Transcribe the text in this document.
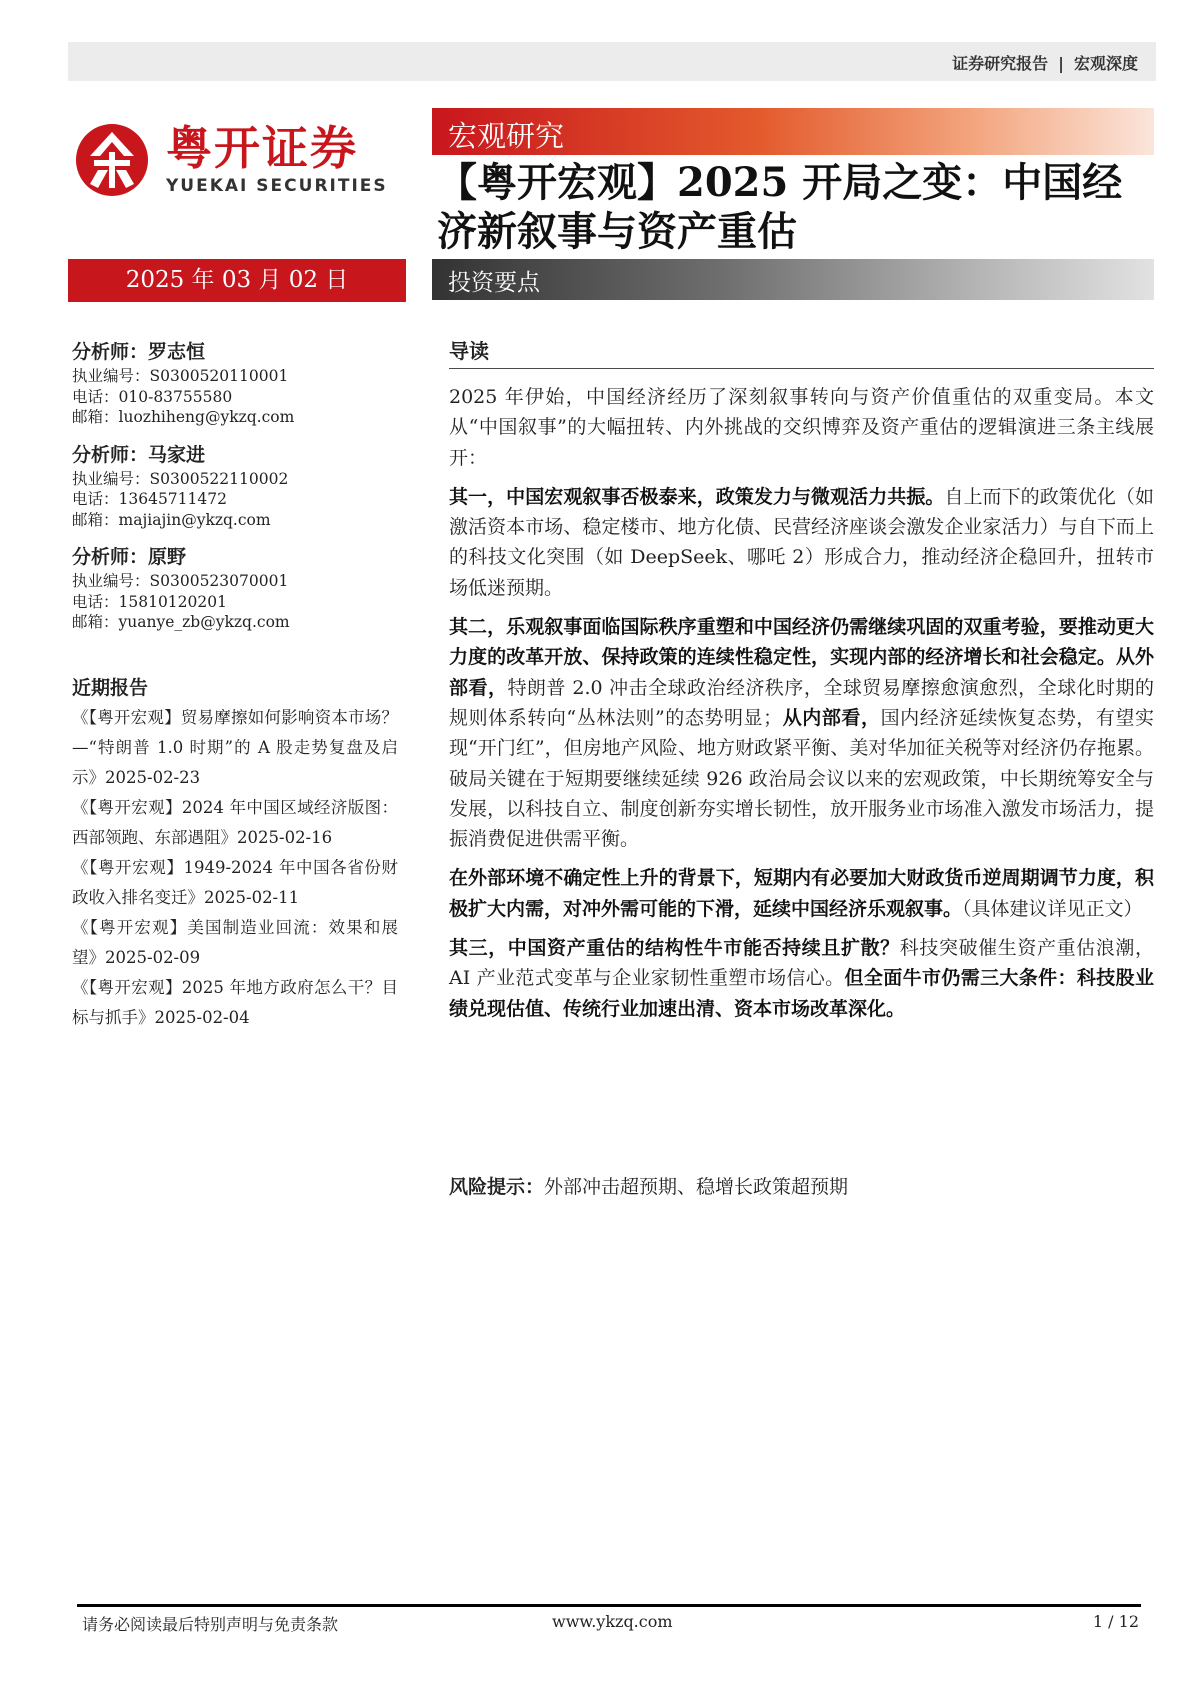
证券研究报告 | 宏观深度
粤开证券
YUEKAI SECURITIES
宏观研究
【粤开宏观】2025 开局之变：中国经济新叙事与资产重估
2025 年 03 月 02 日	投资要点
分析师：罗志恒

执业编号：S0300520110001

电话：010-83755580

邮箱：luozhiheng@ykzq.com

分析师：马家进

执业编号：S0300522110002

电话：13645711472

邮箱：majiajin@ykzq.com

分析师：原野

执业编号：S0300523070001

电话：15810120201

邮箱：yuanye_zb@ykzq.com

近期报告
《【粤开宏观】贸易摩擦如何影响资本市场？—“特朗普 1.0 时期”的 A 股走势复盘及启示》2025-02-23
《【粤开宏观】2024 年中国区域经济版图：西部领跑、东部遇阻》2025-02-16
《【粤开宏观】1949-2024 年中国各省份财政收入排名变迁》2025-02-11
《【粤开宏观】美国制造业回流：效果和展望》2025-02-09
《【粤开宏观】2025 年地方政府怎么干？目标与抓手》2025-02-04
导读

2025 年伊始，中国经济经历了深刻叙事转向与资产价值重估的双重变局。本文从“中国叙事”的大幅扭转、内外挑战的交织博弈及资产重估的逻辑演进三条主线展开：

其一，中国宏观叙事否极泰来，政策发力与微观活力共振。自上而下的政策优化（如激活资本市场、稳定楼市、地方化债、民营经济座谈会激发企业家活力）与自下而上的科技文化突围（如 DeepSeek、哪吒 2）形成合力，推动经济企稳回升，扭转市场低迷预期。

其二，乐观叙事面临国际秩序重塑和中国经济仍需继续巩固的双重考验，要推动更大力度的改革开放、保持政策的连续性稳定性，实现内部的经济增长和社会稳定。从外部看，特朗普 2.0 冲击全球政治经济秩序，全球贸易摩擦愈演愈烈，全球化时期的规则体系转向“丛林法则”的态势明显；从内部看，国内经济延续恢复态势，有望实现“开门红”，但房地产风险、地方财政紧平衡、美对华加征关税等对经济仍存拖累。破局关键在于短期要继续延续 926 政治局会议以来的宏观政策，中长期统筹安全与发展，以科技自立、制度创新夯实增长韧性，放开服务业市场准入激发市场活力，提振消费促进供需平衡。

在外部环境不确定性上升的背景下，短期内有必要加大财政货币逆周期调节力度，积极扩大内需，对冲外需可能的下滑，延续中国经济乐观叙事。（具体建议详见正文）

其三，中国资产重估的结构性牛市能否持续且扩散？科技突破催生资产重估浪潮，AI 产业范式变革与企业家韧性重塑市场信心。但全面牛市仍需三大条件：科技股业绩兑现估值、传统行业加速出清、资本市场改革深化。

风险提示：外部冲击超预期、稳增长政策超预期

请务必阅读最后特别声明与免责条款	www.ykzq.com	1 / 12
